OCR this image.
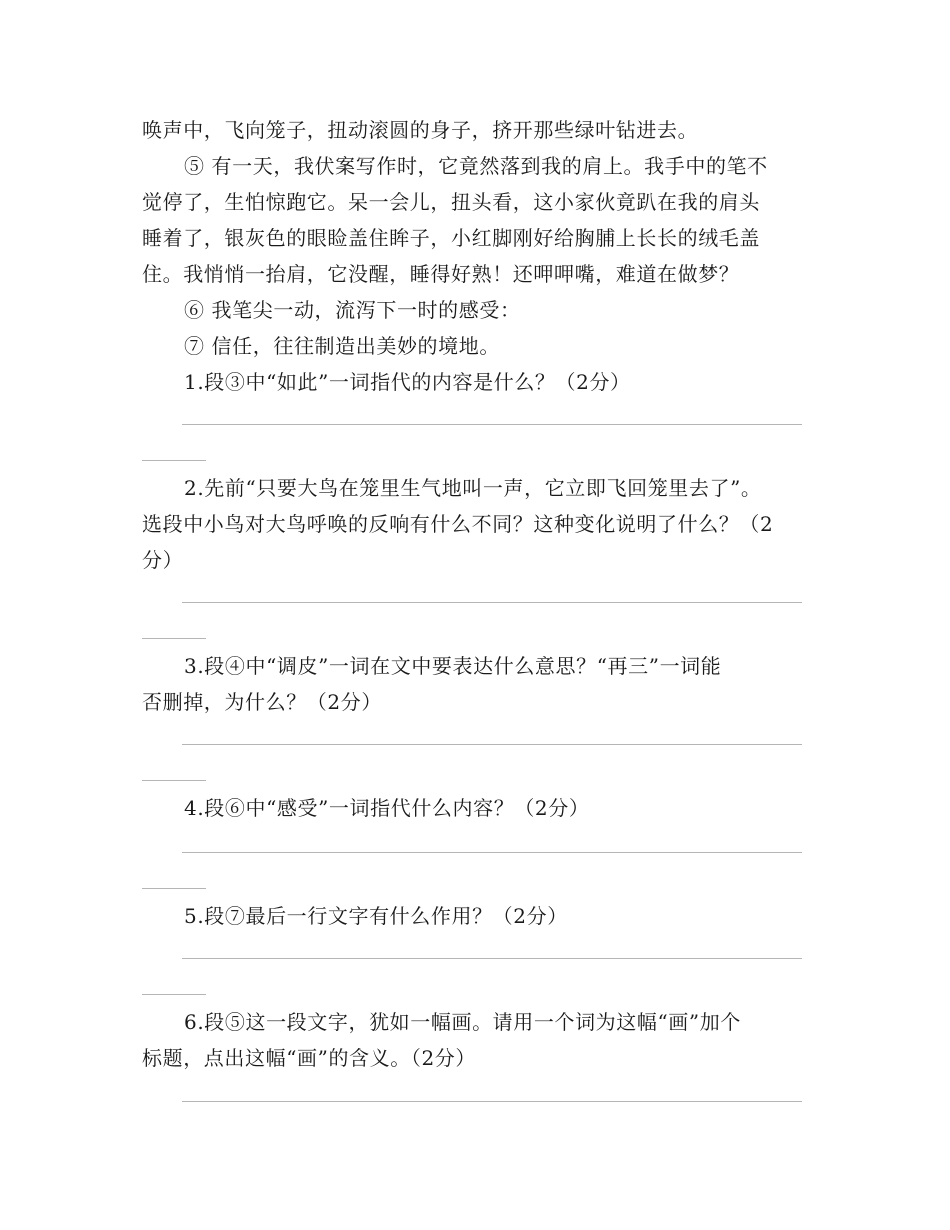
唤声中，飞向笼子，扭动滚圆的身子，挤开那些绿叶钻进去。
⑤ 有一天，我伏案写作时，它竟然落到我的肩上。我手中的笔不
觉停了，生怕惊跑它。呆一会儿，扭头看，这小家伙竟趴在我的肩头
睡着了，银灰色的眼睑盖住眸子，小红脚刚好给胸脯上长长的绒毛盖
住。我悄悄一抬肩，它没醒，睡得好熟！还呷呷嘴，难道在做梦？
⑥ 我笔尖一动，流泻下一时的感受：
⑦ 信任，往往制造出美妙的境地。
1.段③中“如此”一词指代的内容是什么？（2分）
2.先前“只要大鸟在笼里生气地叫一声，它立即飞回笼里去了”。
选段中小鸟对大鸟呼唤的反响有什么不同？这种变化说明了什么？（2
分）
3.段④中“调皮”一词在文中要表达什么意思？“再三”一词能
否删掉，为什么？（2分）
4.段⑥中“感受”一词指代什么内容？（2分）
5.段⑦最后一行文字有什么作用？（2分）
6.段⑤这一段文字，犹如一幅画。请用一个词为这幅“画”加个
标题，点出这幅“画”的含义。（2分）
